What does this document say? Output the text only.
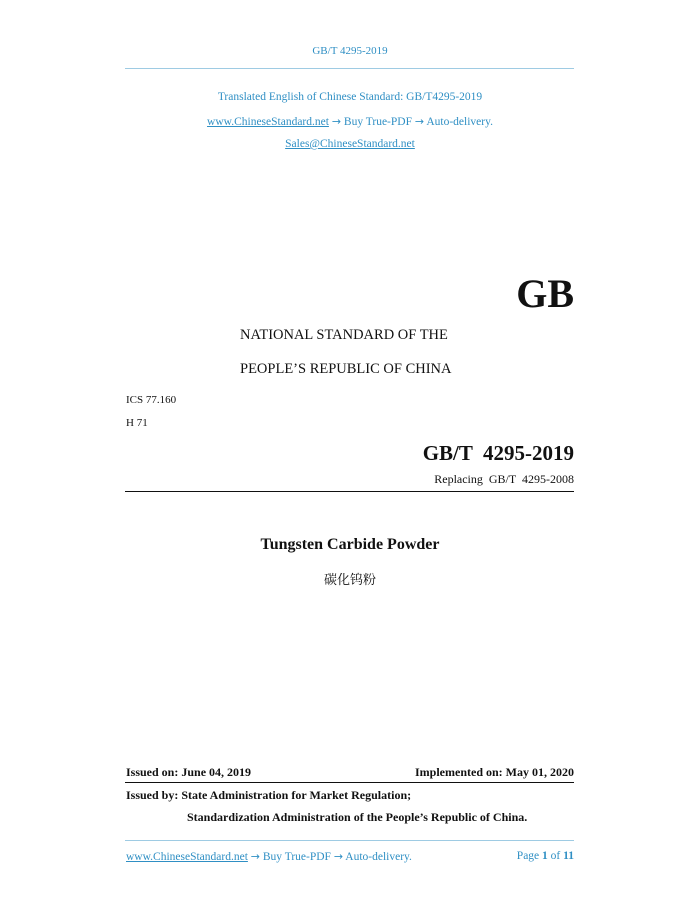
GB/T 4295-2019
Translated English of Chinese Standard: GB/T4295-2019
www.ChineseStandard.net → Buy True-PDF → Auto-delivery.
Sales@ChineseStandard.net
GB
NATIONAL STANDARD OF THE
PEOPLE’S REPUBLIC OF CHINA
ICS 77.160
H 71
GB/T  4295-2019
Replacing  GB/T  4295-2008
Tungsten Carbide Powder
碳化钨粉
Issued on: June 04, 2019	Implemented on: May 01, 2020
Issued by: State Administration for Market Regulation;
Standardization Administration of the People’s Republic of China.
www.ChineseStandard.net → Buy True-PDF → Auto-delivery.	Page 1 of 11
